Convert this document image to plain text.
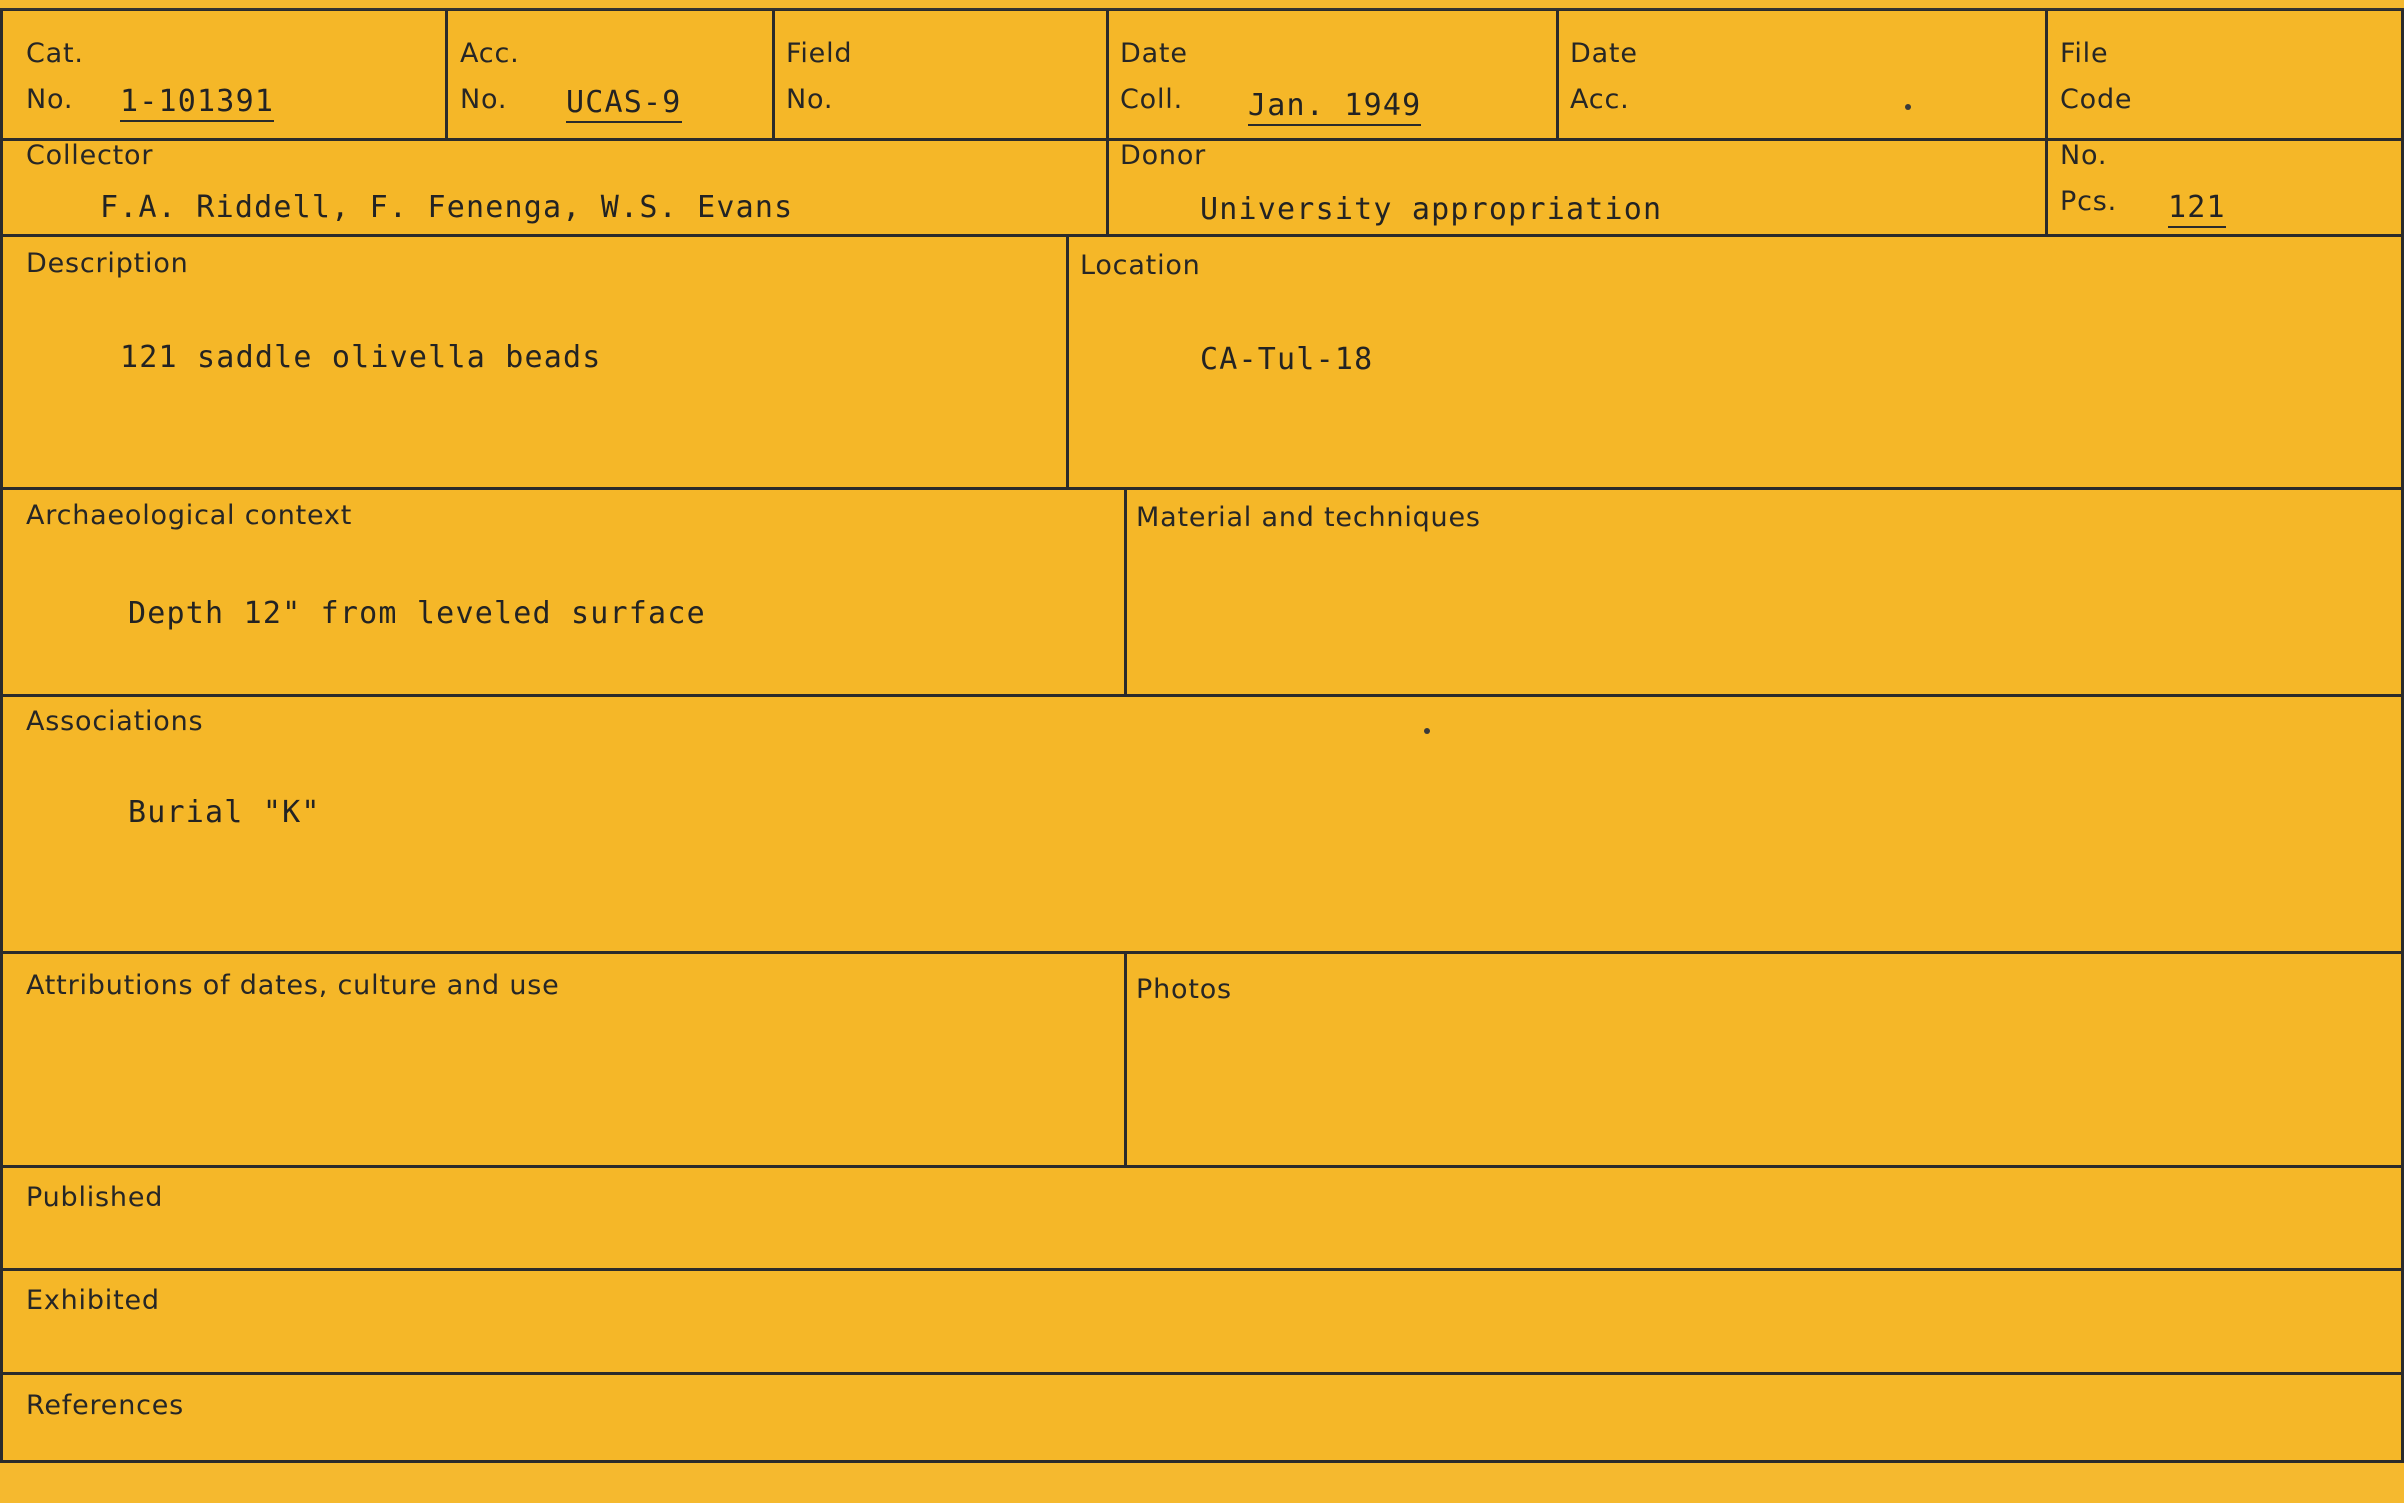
Cat.
No. 1-101391
Acc.
No. UCAS-9
Field
No.
Date
Coll. Jan. 1949
Date
Acc.
File
Code
Collector
F.A. Riddell, F. Fenenga, W.S. Evans
Donor
University appropriation
No.
Pcs. 121
Description
121 saddle olivella beads
Location
CA-Tul-18
Archaeological context
Depth 12" from leveled surface
Material and techniques
Associations
Burial "K"
Attributions of dates, culture and use	Photos
Published
Exhibited
References
